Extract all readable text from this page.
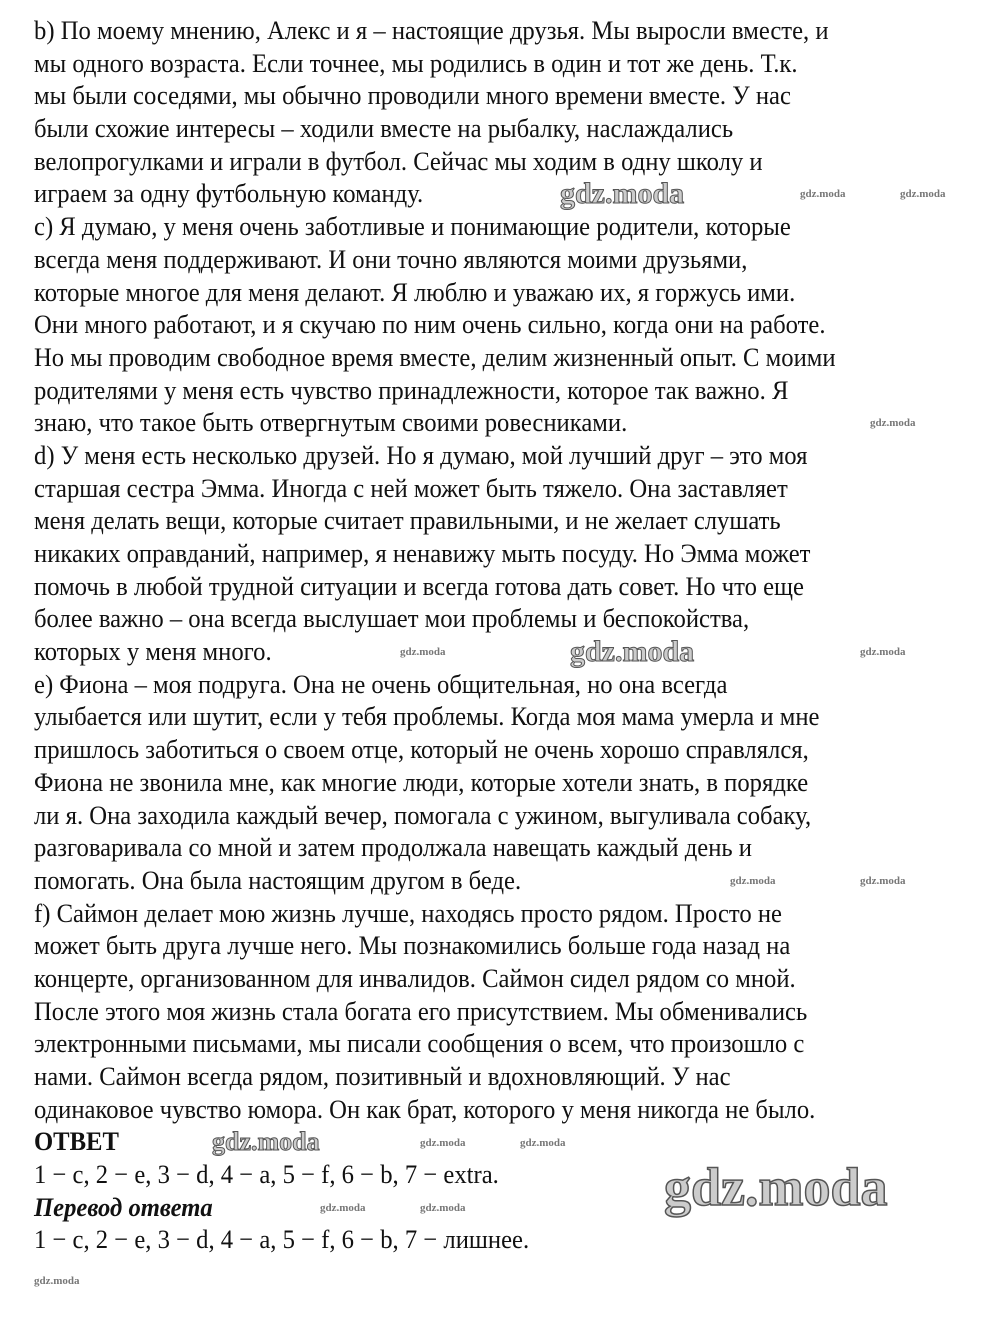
b) По моему мнению, Алекс и я – настоящие друзья. Мы выросли вместе, и
мы одного возраста. Если точнее, мы родились в один и тот же день. Т.к.
мы были соседями, мы обычно проводили много времени вместе. У нас
были схожие интересы – ходили вместе на рыбалку, наслаждались
велопрогулками и играли в футбол. Сейчас мы ходим в одну школу и
играем за одну футбольную команду.
c) Я думаю, у меня очень заботливые и понимающие родители, которые
всегда меня поддерживают. И они точно являются моими друзьями,
которые многое для меня делают. Я люблю и уважаю их, я горжусь ими.
Они много работают, и я скучаю по ним очень сильно, когда они на работе.
Но мы проводим свободное время вместе, делим жизненный опыт. С моими
родителями у меня есть чувство принадлежности, которое так важно. Я
знаю, что такое быть отвергнутым своими ровесниками.
d) У меня есть несколько друзей. Но я думаю, мой лучший друг – это моя
старшая сестра Эмма. Иногда с ней может быть тяжело. Она заставляет
меня делать вещи, которые считает правильными, и не желает слушать
никаких оправданий, например, я ненавижу мыть посуду. Но Эмма может
помочь в любой трудной ситуации и всегда готова дать совет. Но что еще
более важно – она всегда выслушает мои проблемы и беспокойства,
которых у меня много.
e) Фиона – моя подруга. Она не очень общительная, но она всегда
улыбается или шутит, если у тебя проблемы. Когда моя мама умерла и мне
пришлось заботиться о своем отце, который не очень хорошо справлялся,
Фиона не звонила мне, как многие люди, которые хотели знать, в порядке
ли я. Она заходила каждый вечер, помогала с ужином, выгуливала собаку,
разговаривала со мной и затем продолжала навещать каждый день и
помогать. Она была настоящим другом в беде.
f) Саймон делает мою жизнь лучше, находясь просто рядом. Просто не
может быть друга лучше него. Мы познакомились больше года назад на
концерте, организованном для инвалидов. Саймон сидел рядом со мной.
После этого моя жизнь стала богата его присутствием. Мы обменивались
электронными письмами, мы писали сообщения о всем, что произошло с
нами. Саймон всегда рядом, позитивный и вдохновляющий. У нас
одинаковое чувство юмора. Он как брат, которого у меня никогда не было.
ОТВЕТ
1 − c, 2 − e, 3 − d, 4 − a, 5 − f, 6 − b, 7 − extra.
Перевод ответа
1 − c, 2 − e, 3 − d, 4 − a, 5 − f, 6 − b, 7 − лишнее.
gdz.moda	gdz.moda	gdz.moda
gdz.moda
gdz.moda	gdz.moda	gdz.moda
gdz.moda	gdz.moda
gdz.moda	gdz.moda	gdz.moda
gdz.moda
gdz.moda	gdz.moda
gdz.moda
